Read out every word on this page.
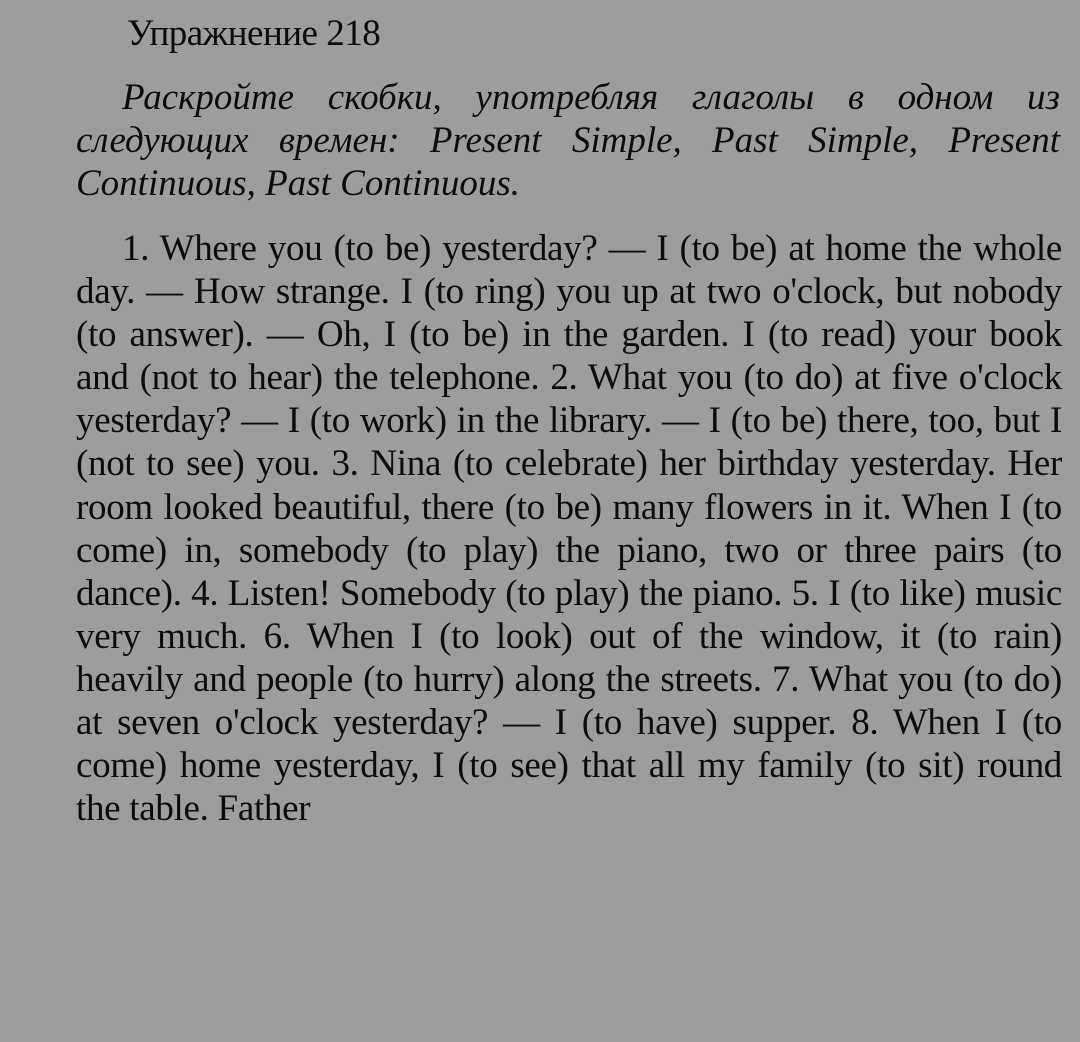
Упражнение 218

Раскройте скобки, употребляя глаголы в одном из следующих времен: Present Simple, Past Simple, Present Continuous, Past Continuous.

1. Where you (to be) yesterday? — I (to be) at home the whole day. — How strange. I (to ring) you up at two o'clock, but nobody (to answer). — Oh, I (to be) in the garden. I (to read) your book and (not to hear) the telephone. 2. What you (to do) at five o'clock yesterday? — I (to work) in the library. — I (to be) there, too, but I (not to see) you. 3. Nina (to celebrate) her birthday yesterday. Her room looked beautiful, there (to be) many flowers in it. When I (to come) in, somebody (to play) the piano, two or three pairs (to dance). 4. Listen! Somebody (to play) the piano. 5. I (to like) music very much. 6. When I (to look) out of the window, it (to rain) heavily and people (to hurry) along the streets. 7. What you (to do) at seven o'clock yesterday? — I (to have) supper. 8. When I (to come) home yesterday, I (to see) that all my family (to sit) round the table. Father
